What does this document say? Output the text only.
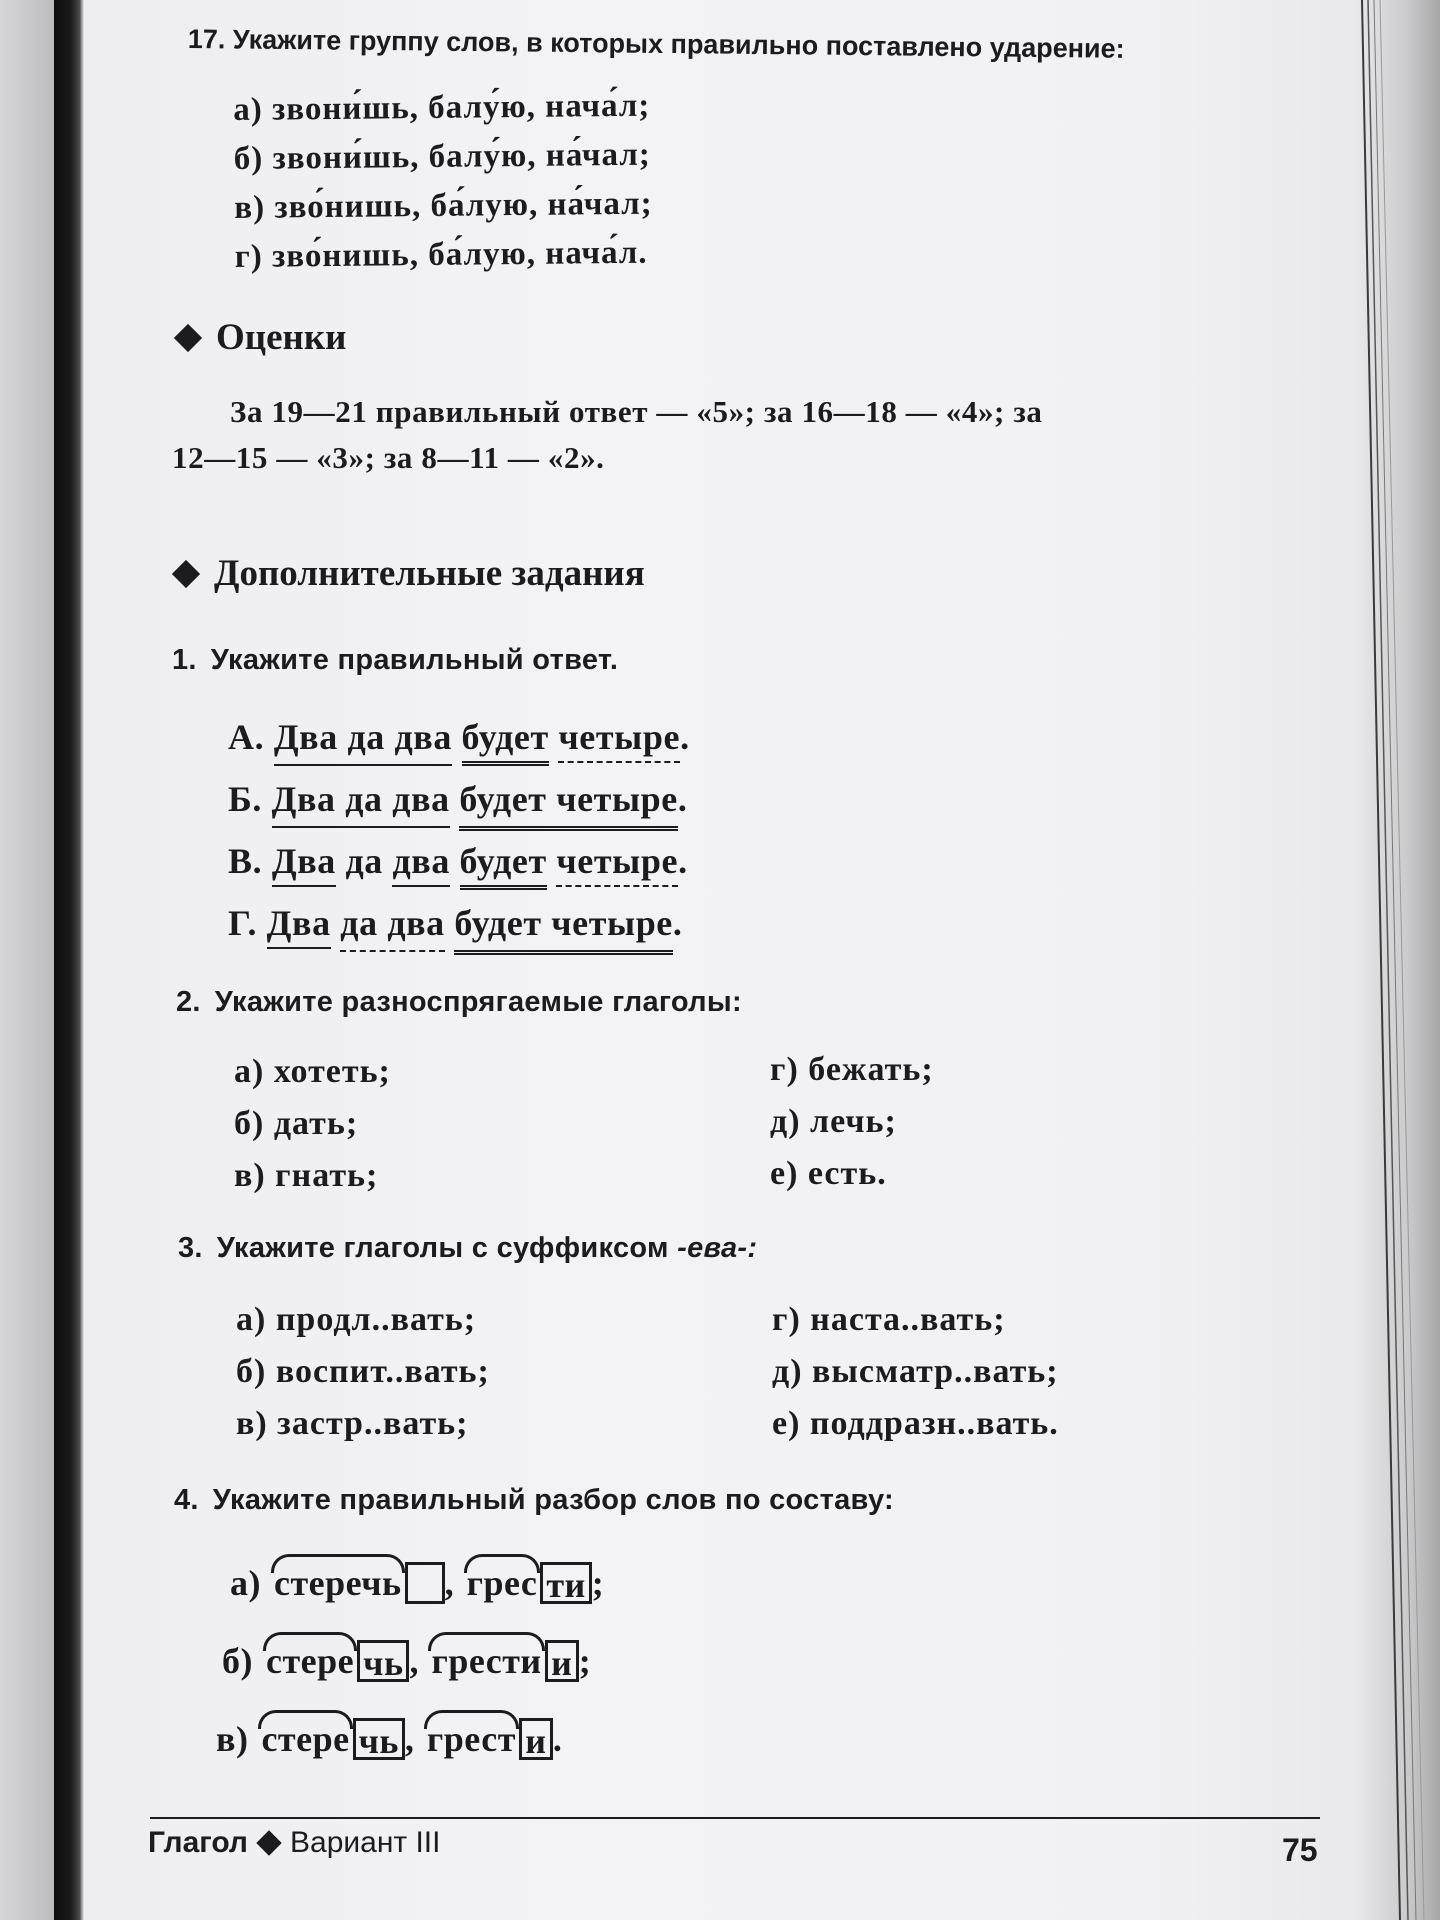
17. Укажите группу слов, в которых правильно поставлено ударение:
а) звони́шь, балу́ю, нача́л;
б) звони́шь, балу́ю, на́чал;
в) зво́нишь, ба́лую, на́чал;
г) зво́нишь, ба́лую, нача́л.
Оценки
За 19—21 правильный ответ — «5»; за 16—18 — «4»; за
12—15 — «3»; за 8—11 — «2».
Дополнительные задания
1. Укажите правильный ответ.
А. Два да два будет четыре.
Б. Два да два будет четыре.
В. Два да два будет четыре.
Г. Два да два будет четыре.
2. Укажите разноспрягаемые глаголы:
а) хотеть;
б) дать;
в) гнать;
г) бежать;
д) лечь;
е) есть.
3. Укажите глаголы с суффиксом -ева-:
а) продл..вать;
б) воспит..вать;
в) застр..вать;
г) наста..вать;
д) высматр..вать;
е) поддразн..вать.
4. Укажите правильный разбор слов по составу:
а) стеречь ,
грес ти ;
б) стере чь ,
грести и ;
в) стере чь ,
грест и .
Глагол Вариант III	75
